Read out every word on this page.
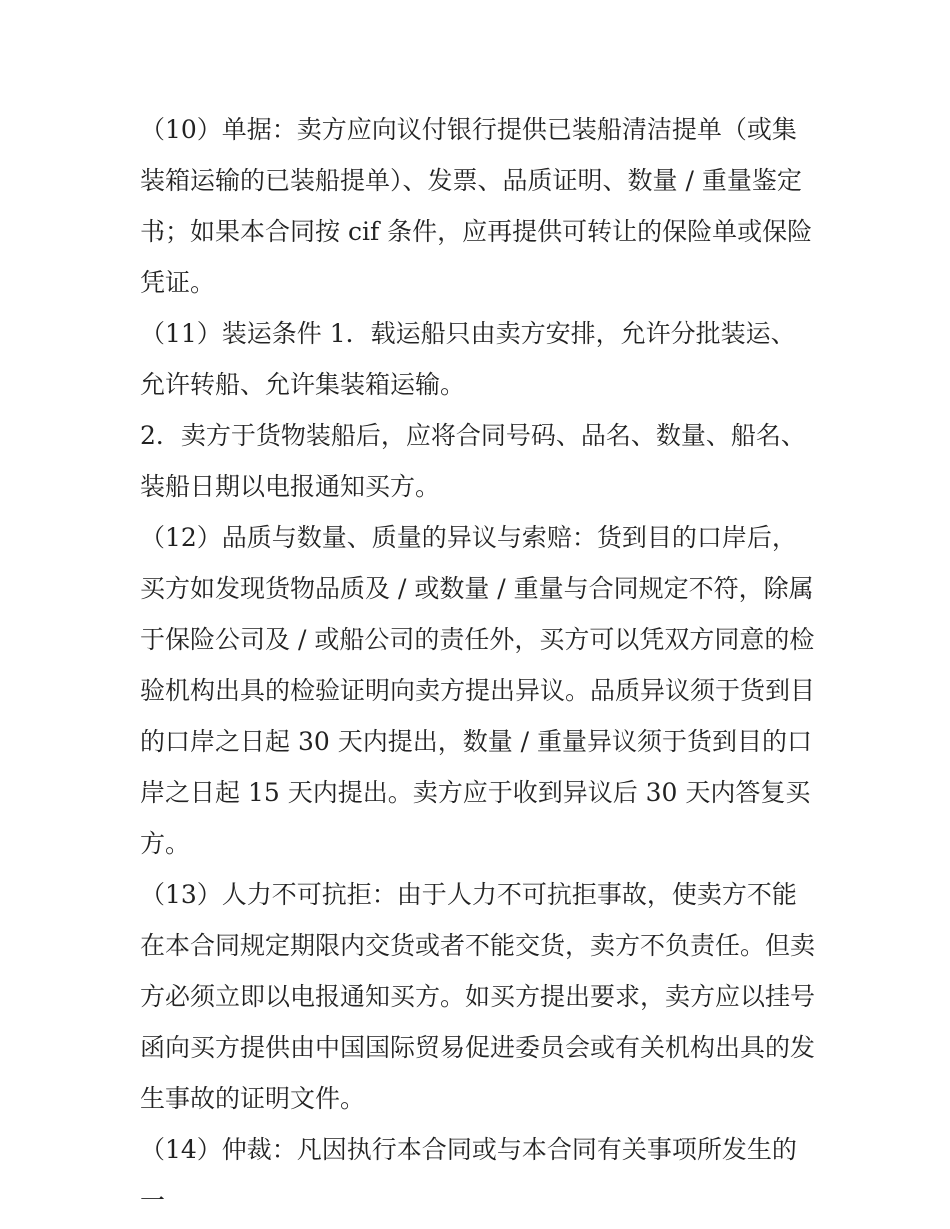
（10）单据：卖方应向议付银行提供已装船清洁提单（或集装箱运输的已装船提单）、发票、品质证明、数量 / 重量鉴定书；如果本合同按 cif 条件，应再提供可转让的保险单或保险凭证。

（11）装运条件 1．载运船只由卖方安排，允许分批装运、允许转船、允许集装箱运输。

2．卖方于货物装船后，应将合同号码、品名、数量、船名、装船日期以电报通知买方。

（12）品质与数量、质量的异议与索赔：货到目的口岸后，买方如发现货物品质及 / 或数量 / 重量与合同规定不符，除属于保险公司及 / 或船公司的责任外，买方可以凭双方同意的检验机构出具的检验证明向卖方提出异议。品质异议须于货到目的口岸之日起 30 天内提出，数量 / 重量异议须于货到目的口岸之日起 15 天内提出。卖方应于收到异议后 30 天内答复买方。

（13）人力不可抗拒：由于人力不可抗拒事故，使卖方不能在本合同规定期限内交货或者不能交货，卖方不负责任。但卖方必须立即以电报通知买方。如买方提出要求，卖方应以挂号函向买方提供由中国国际贸易促进委员会或有关机构出具的发生事故的证明文件。

（14）仲裁：凡因执行本合同或与本合同有关事项所发生的一
